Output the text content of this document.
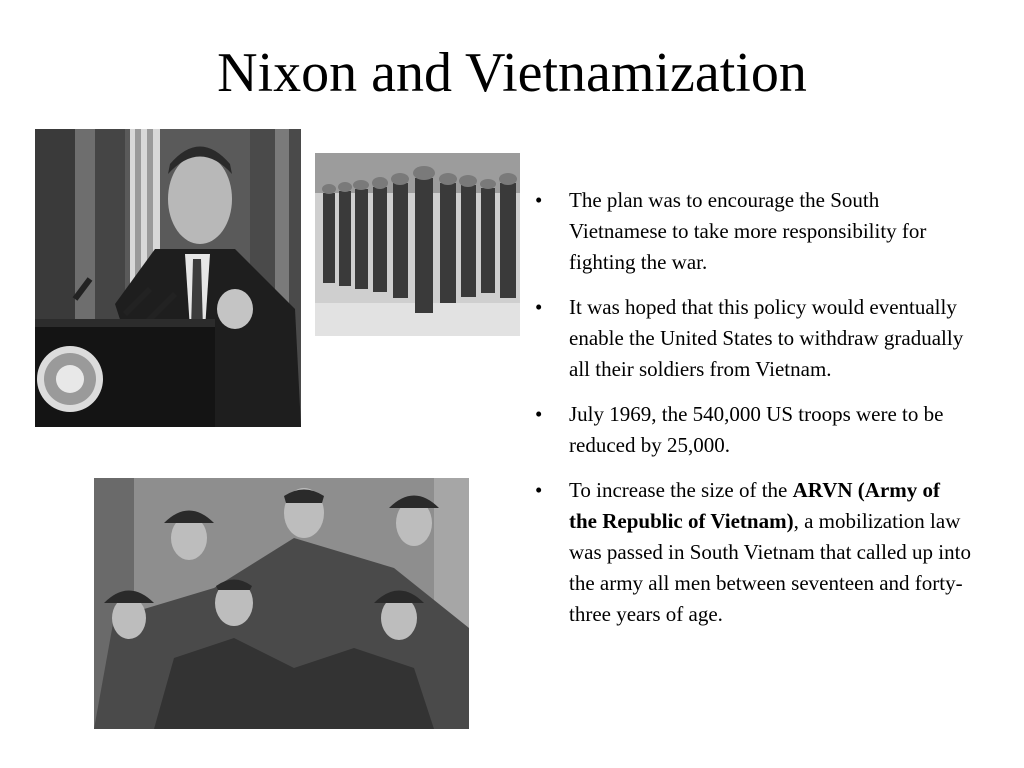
Nixon and Vietnamization
• The plan was to encourage the South Vietnamese to take more responsibility for fighting the war.
• It was hoped that this policy would eventually enable the United States to withdraw gradually all their soldiers from Vietnam.
• July 1969, the 540,000 US troops were to be reduced by 25,000.
• To increase the size of the ARVN (Army of the Republic of Vietnam), a mobilization law was passed in South Vietnam that called up into the army all men between seventeen and forty-three years of age.
